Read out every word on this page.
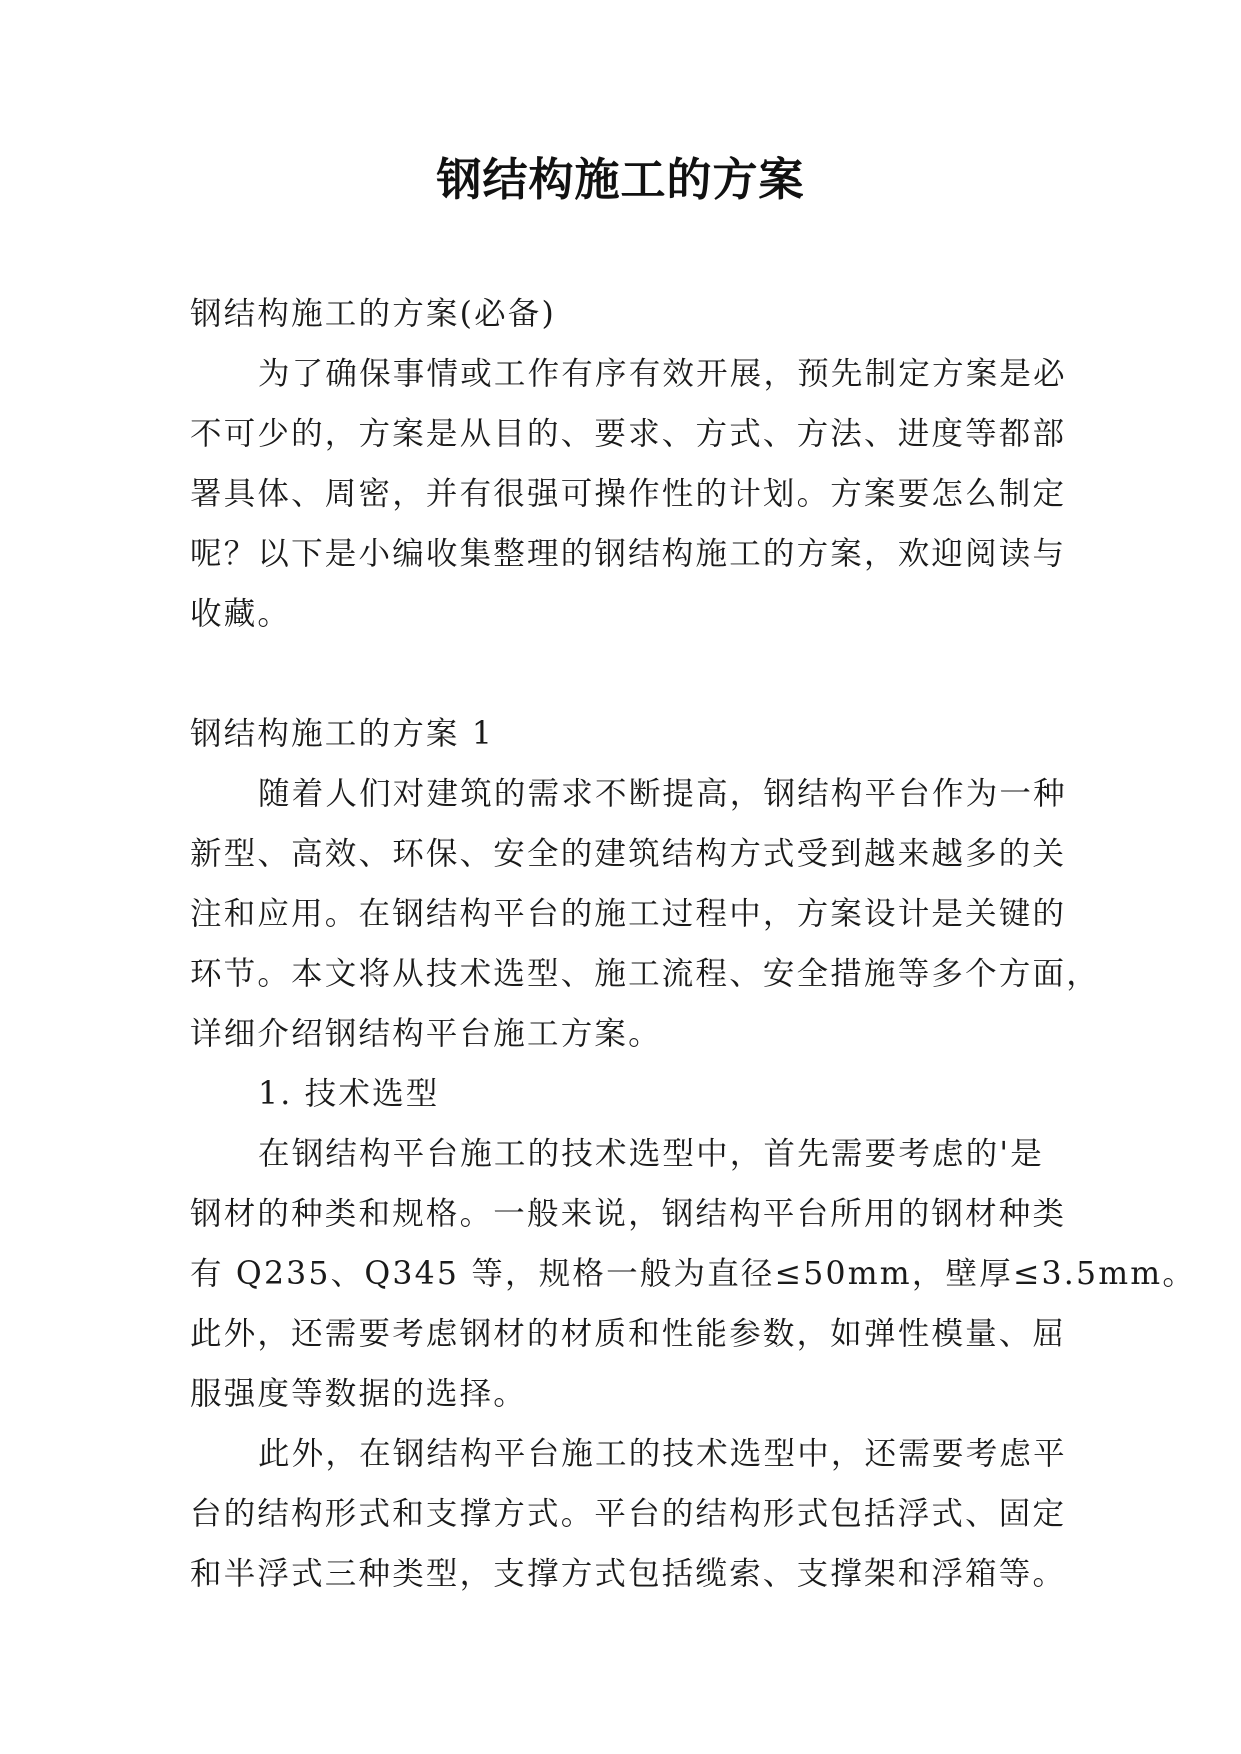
钢结构施工的方案
钢结构施工的方案(必备)
为了确保事情或工作有序有效开展，预先制定方案是必
不可少的，方案是从目的、要求、方式、方法、进度等都部
署具体、周密，并有很强可操作性的计划。方案要怎么制定
呢？以下是小编收集整理的钢结构施工的方案，欢迎阅读与
收藏。
钢结构施工的方案 1
随着人们对建筑的需求不断提高，钢结构平台作为一种
新型、高效、环保、安全的建筑结构方式受到越来越多的关
注和应用。在钢结构平台的施工过程中，方案设计是关键的
环节。本文将从技术选型、施工流程、安全措施等多个方面，
详细介绍钢结构平台施工方案。
1. 技术选型
在钢结构平台施工的技术选型中，首先需要考虑的'是
钢材的种类和规格。一般来说，钢结构平台所用的钢材种类
有 Q235、Q345 等，规格一般为直径≤50mm，壁厚≤3.5mm。
此外，还需要考虑钢材的材质和性能参数，如弹性模量、屈
服强度等数据的选择。
此外，在钢结构平台施工的技术选型中，还需要考虑平
台的结构形式和支撑方式。平台的结构形式包括浮式、固定
和半浮式三种类型，支撑方式包括缆索、支撑架和浮箱等。
